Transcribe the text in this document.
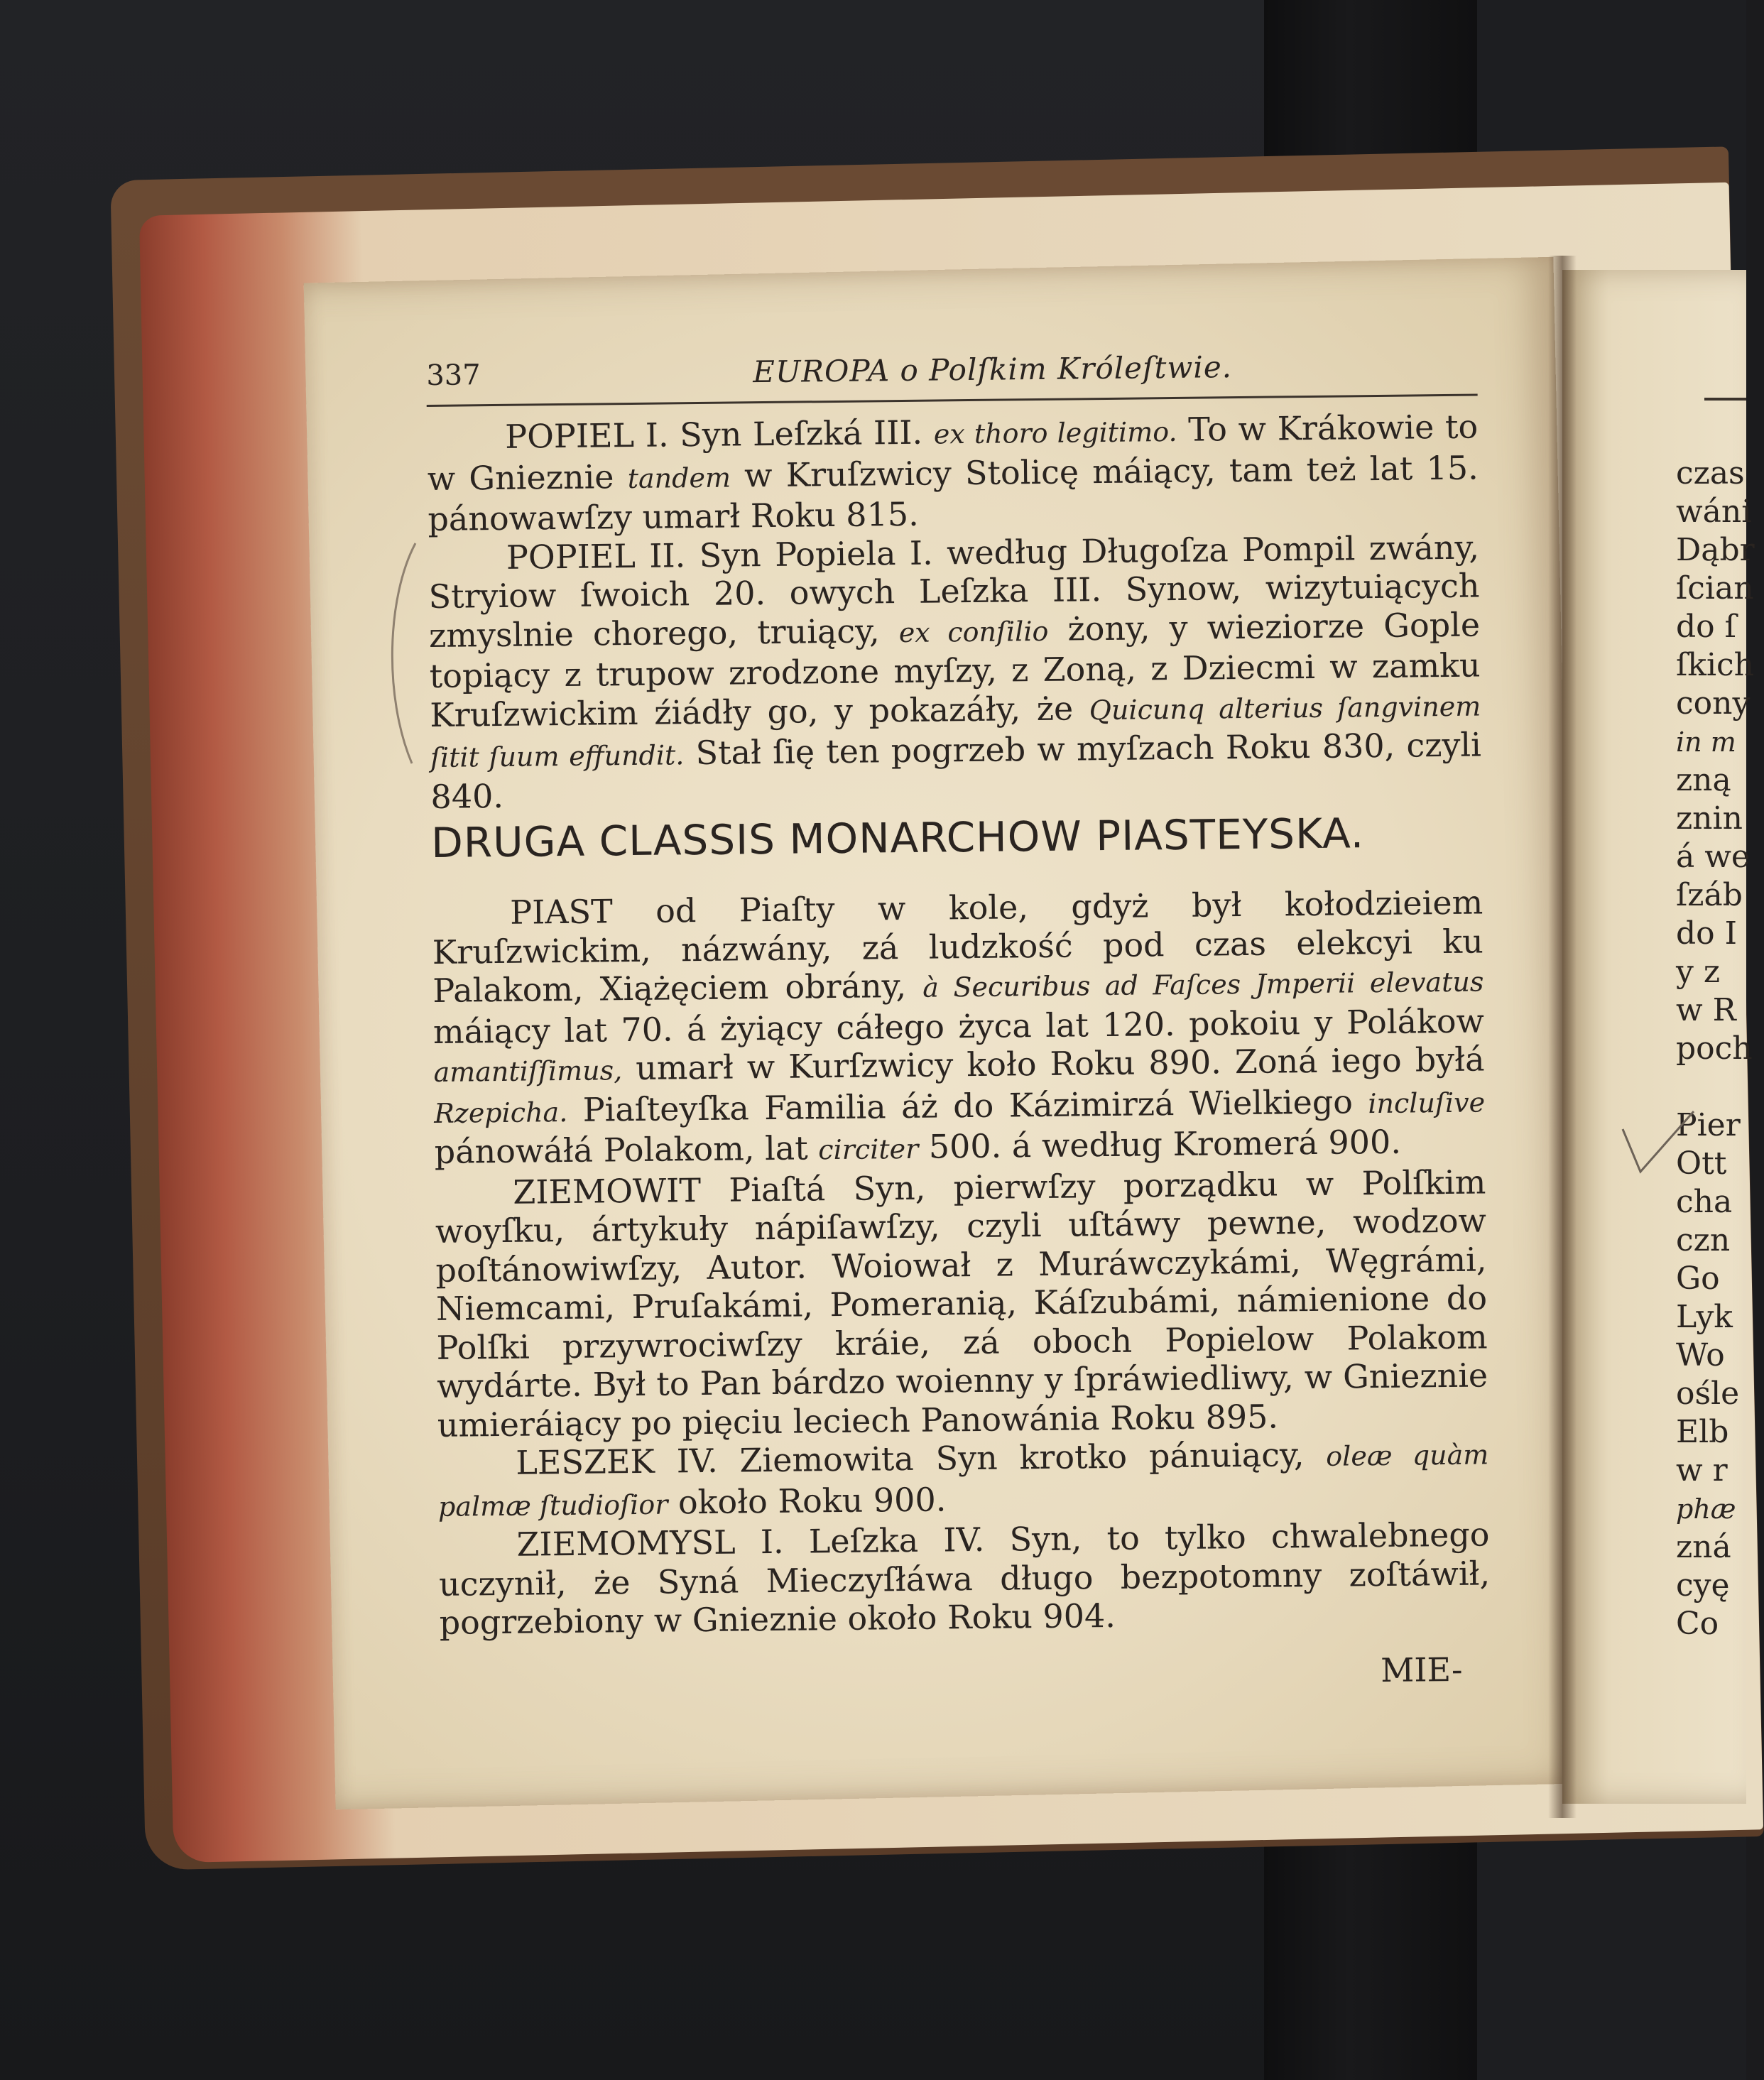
czas
wáni
Dąbr
ſcian
do ſ
ſkich
cony
in m
zną
znin
á we
ſzáb
do I
y z
w R
poch

Pier
Ott
cha
czn
Go
Lyk
Wo
ośle
Elb
w r
phæ
zná
cyę
Co
337	EUROPA o Polſkim Króleſtwie.

POPIEL I. Syn Leſzká III. ex thoro legitimo. To w Krákowie to w Gnieznie tandem w Kruſzwicy Stolicę máiący, tam też lat 15. pánowawſzy umarł Roku 815.

POPIEL II. Syn Popiela I. według Długoſza Pompil zwány, Stryiow ſwoich 20. owych Leſzka III. Synow, wizytuiących zmyslnie chorego, truiący, ex conſilio żony, y wieziorze Gople topiący z trupow zrodzone myſzy, z Zoną, z Dziecmi w zamku Kruſzwickim źiádły go, y pokazáły, że Quicunq alterius ſangvinem ſitit ſuum effundit. Stał ſię ten pogrzeb w myſzach Roku 830, czyli 840.

DRUGA CLASSIS MONARCHOW PIASTEYSKA.

PIAST od Piaſty w kole, gdyż był kołodzieiem Kruſzwickim, názwány, zá ludzkość pod czas elekcyi ku Palakom, Xiążęciem obrány, à Securibus ad Faſces Jmperii elevatus máiący lat 70. á żyiący cáłego życa lat 120. pokoiu y Polákow amantiſſimus, umarł w Kurſzwicy koło Roku 890. Zoná iego byłá Rzepicha. Piaſteyſka Familia áż do Kázimirzá Wielkiego incluſive pánowáłá Polakom, lat circiter 500. á według Kromerá 900.

ZIEMOWIT Piaſtá Syn, pierwſzy porządku w Polſkim woyſku, ártykuły nápiſawſzy, czyli uſtáwy pewne, wodzow poſtánowiwſzy, Autor. Woiował z Muráwczykámi, Węgrámi, Niemcami, Pruſakámi, Pomeranią, Káſzubámi, námienione do Polſki przywrociwſzy kráie, zá oboch Popielow Polakom wydárte. Był to Pan bárdzo woienny y ſpráwiedliwy, w Gnieznie umieráiący po pięciu leciech Panowánia Roku 895.

LESZEK IV. Ziemowita Syn krotko pánuiący, oleæ quàm palmæ ſtudioſior około Roku 900.

ZIEMOMYSL I. Leſzka IV. Syn, to tylko chwalebnego uczynił, że Syná Mieczyſłáwa długo bezpotomny zoſtáwił, pogrzebiony w Gnieznie około Roku 904.

MIE-
